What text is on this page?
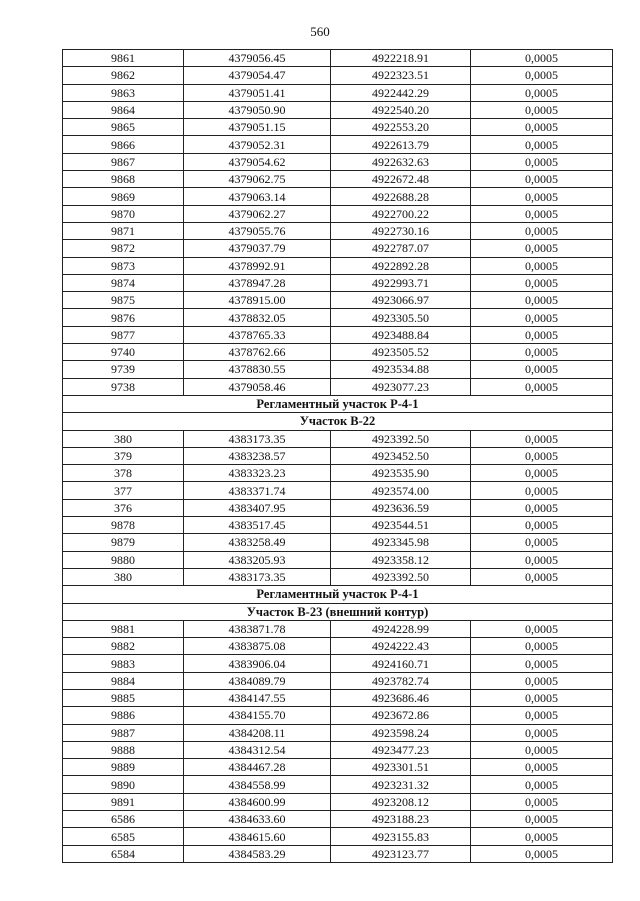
560
9861	4379056.45	4922218.91	0,0005
9862	4379054.47	4922323.51	0,0005
9863	4379051.41	4922442.29	0,0005
9864	4379050.90	4922540.20	0,0005
9865	4379051.15	4922553.20	0,0005
9866	4379052.31	4922613.79	0,0005
9867	4379054.62	4922632.63	0,0005
9868	4379062.75	4922672.48	0,0005
9869	4379063.14	4922688.28	0,0005
9870	4379062.27	4922700.22	0,0005
9871	4379055.76	4922730.16	0,0005
9872	4379037.79	4922787.07	0,0005
9873	4378992.91	4922892.28	0,0005
9874	4378947.28	4922993.71	0,0005
9875	4378915.00	4923066.97	0,0005
9876	4378832.05	4923305.50	0,0005
9877	4378765.33	4923488.84	0,0005
9740	4378762.66	4923505.52	0,0005
9739	4378830.55	4923534.88	0,0005
9738	4379058.46	4923077.23	0,0005
Регламентный участок Р-4-1			
Участок В-22			
380	4383173.35	4923392.50	0,0005
379	4383238.57	4923452.50	0,0005
378	4383323.23	4923535.90	0,0005
377	4383371.74	4923574.00	0,0005
376	4383407.95	4923636.59	0,0005
9878	4383517.45	4923544.51	0,0005
9879	4383258.49	4923345.98	0,0005
9880	4383205.93	4923358.12	0,0005
380	4383173.35	4923392.50	0,0005
Регламентный участок Р-4-1			
Участок В-23 (внешний контур)			
9881	4383871.78	4924228.99	0,0005
9882	4383875.08	4924222.43	0,0005
9883	4383906.04	4924160.71	0,0005
9884	4384089.79	4923782.74	0,0005
9885	4384147.55	4923686.46	0,0005
9886	4384155.70	4923672.86	0,0005
9887	4384208.11	4923598.24	0,0005
9888	4384312.54	4923477.23	0,0005
9889	4384467.28	4923301.51	0,0005
9890	4384558.99	4923231.32	0,0005
9891	4384600.99	4923208.12	0,0005
6586	4384633.60	4923188.23	0,0005
6585	4384615.60	4923155.83	0,0005
6584	4384583.29	4923123.77	0,0005
